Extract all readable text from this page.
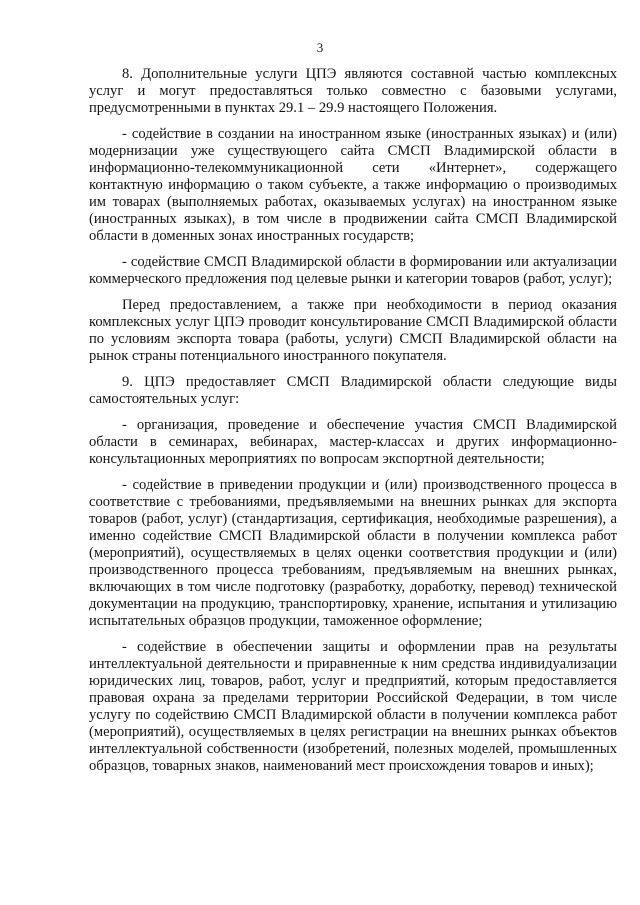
3

8. Дополнительные услуги ЦПЭ являются составной частью комплексных услуг и могут предоставляться только совместно с базовыми услугами, предусмотренными в пунктах 29.1 – 29.9 настоящего Положения.

- содействие в создании на иностранном языке (иностранных языках) и (или) модернизации уже существующего сайта СМСП Владимирской области в информационно-телекоммуникационной сети «Интернет», содержащего контактную информацию о таком субъекте, а также информацию о производимых им товарах (выполняемых работах, оказываемых услугах) на иностранном языке (иностранных языках), в том числе в продвижении сайта СМСП Владимирской области в доменных зонах иностранных государств;

- содействие СМСП Владимирской области в формировании или актуализации коммерческого предложения под целевые рынки и категории товаров (работ, услуг);

Перед предоставлением, а также при необходимости в период оказания комплексных услуг ЦПЭ проводит консультирование СМСП Владимирской области по условиям экспорта товара (работы, услуги) СМСП Владимирской области на рынок страны потенциального иностранного покупателя.

9. ЦПЭ предоставляет СМСП Владимирской области следующие виды самостоятельных услуг:

- организация, проведение и обеспечение участия СМСП Владимирской области в семинарах, вебинарах, мастер-классах и других информационно-консультационных мероприятиях по вопросам экспортной деятельности;

- содействие в приведении продукции и (или) производственного процесса в соответствие с требованиями, предъявляемыми на внешних рынках для экспорта товаров (работ, услуг) (стандартизация, сертификация, необходимые разрешения), а именно содействие СМСП Владимирской области в получении комплекса работ (мероприятий), осуществляемых в целях оценки соответствия продукции и (или) производственного процесса требованиям, предъявляемым на внешних рынках, включающих в том числе подготовку (разработку, доработку, перевод) технической документации на продукцию, транспортировку, хранение, испытания и утилизацию испытательных образцов продукции, таможенное оформление;

- содействие в обеспечении защиты и оформлении прав на результаты интеллектуальной деятельности и приравненные к ним средства индивидуализации юридических лиц, товаров, работ, услуг и предприятий, которым предоставляется правовая охрана за пределами территории Российской Федерации, в том числе услугу по содействию СМСП Владимирской области в получении комплекса работ (мероприятий), осуществляемых в целях регистрации на внешних рынках объектов интеллектуальной собственности (изобретений, полезных моделей, промышленных образцов, товарных знаков, наименований мест происхождения товаров и иных);
